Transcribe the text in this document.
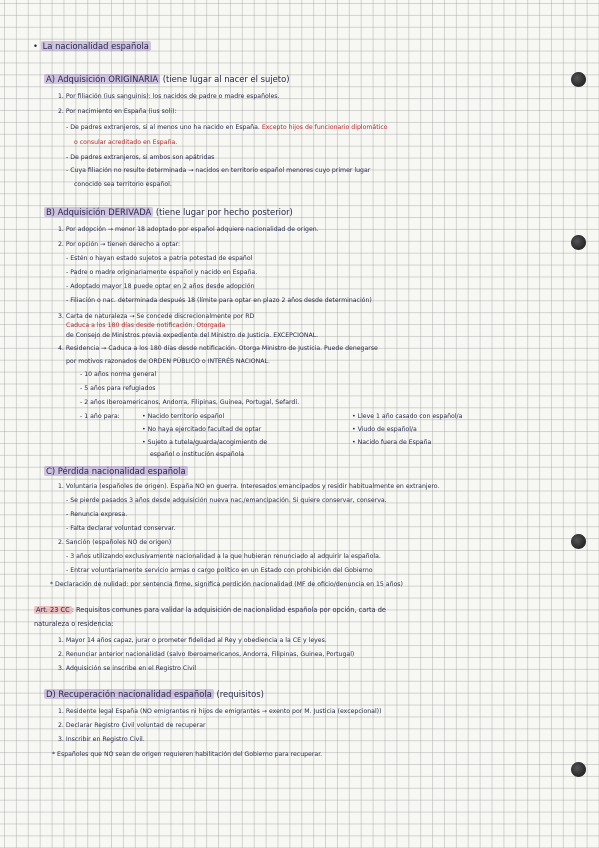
• La nacionalidad española
A) Adquisición ORIGINARIA (tiene lugar al nacer el sujeto)
1. Por filiación (ius sanguinis): los nacidos de padre o madre españoles.
2. Por nacimiento en España (ius soli):
- De padres extranjeros, si al menos uno ha nacido en España. Excepto hijos de funcionario diplomático
o consular acreditado en España.
- De padres extranjeros, si ambos son apátridas
- Cuya filiación no resulte determinada → nacidos en territorio español menores cuyo primer lugar
conocido sea territorio español.
B) Adquisición DERIVADA (tiene lugar por hecho posterior)
1. Por adopción → menor 18 adoptado por español adquiere nacionalidad de origen.
2. Por opción → tienen derecho a optar:
- Estén o hayan estado sujetos a patria potestad de español
- Padre o madre originariamente español y nacido en España.
- Adoptado mayor 18 puede optar en 2 años desde adopción
- Filiación o nac. determinada después 18 (límite para optar en plazo 2 años desde determinación)
3. Carta de naturaleza → Se concede discrecionalmente por RD
Caduca a los 180 días desde notificación. Otorgada
de Consejo de Ministros previa expediente del Ministro de Justicia. EXCEPCIONAL.
4. Residencia → Caduca a los 180 días desde notificación. Otorga Ministro de Justicia. Puede denegarse
por motivos razonados de ORDEN PÚBLICO o INTERÉS NACIONAL.
- 10 años norma general
- 5 años para refugiados
- 2 años Iberoamericanos, Andorra, Filipinas, Guinea, Portugal, Sefardí.
- 1 año para:	• Nacido territorio español
• No haya ejercitado facultad de optar
• Sujeto a tutela/guarda/acogimiento de
español o institución española
• Lleve 1 año casado con español/a
• Viudo de español/a
• Nacido fuera de España
C) Pérdida nacionalidad española
1. Voluntaria (españoles de origen). España NO en guerra. Interesados emancipados y residir habitualmente en extranjero.
- Se pierde pasados 3 años desde adquisición nueva nac./emancipación. Si quiere conservar, conserva.
- Renuncia expresa.
- Falta declarar voluntad conservar.
2. Sanción (españoles NO de origen)
- 3 años utilizando exclusivamente nacionalidad a la que hubieran renunciado al adquirir la española.
- Entrar voluntariamente servicio armas o cargo político en un Estado con prohibición del Gobierno
* Declaración de nulidad: por sentencia firme, significa perdición nacionalidad (MF de oficio/denuncia en 15 años)
Art. 23 CC : Requisitos comunes para validar la adquisición de nacionalidad española por opción, carta de
naturaleza o residencia:
1. Mayor 14 años capaz, jurar o prometer fidelidad al Rey y obediencia a la CE y leyes.
2. Renunciar anterior nacionalidad (salvo Iberoamericanos, Andorra, Filipinas, Guinea, Portugal)
3. Adquisición se inscribe en el Registro Civil
D) Recuperación nacionalidad española (requisitos)
1. Residente legal España (NO emigrantes ni hijos de emigrantes → exento por M. Justicia (excepcional))
2. Declarar Registro Civil voluntad de recuperar
3. Inscribir en Registro Civil.
* Españoles que NO sean de origen requieren habilitación del Gobierno para recuperar.
